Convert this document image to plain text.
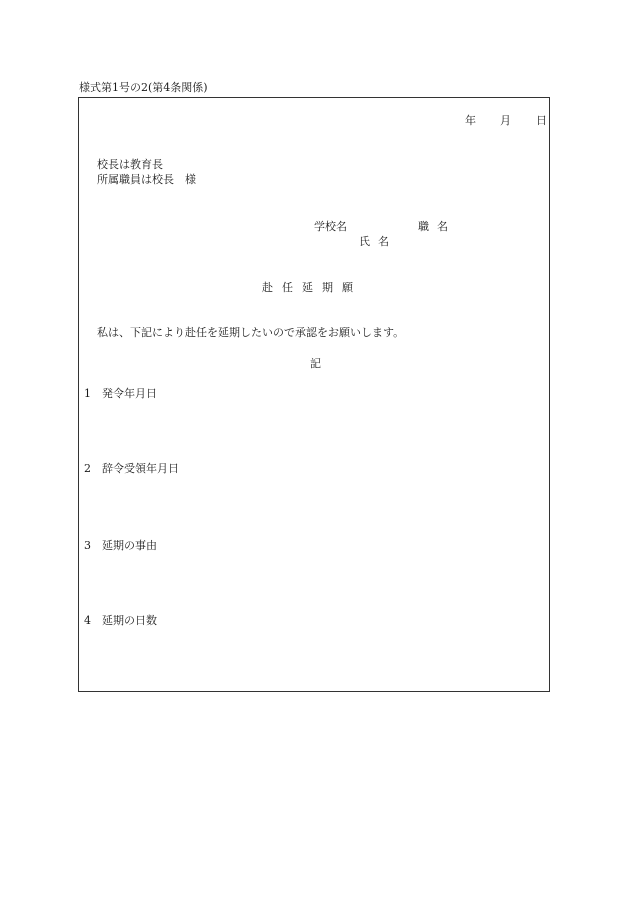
様式第1号の2(第4条関係)
年 月 日
校長は教育長
所属職員は校長　様
学校名	職名
氏名
赴任延期願
私は、下記により赴任を延期したいので承認をお願いします。
記
1 発令年月日
2 辞令受領年月日
3 延期の事由
4 延期の日数
